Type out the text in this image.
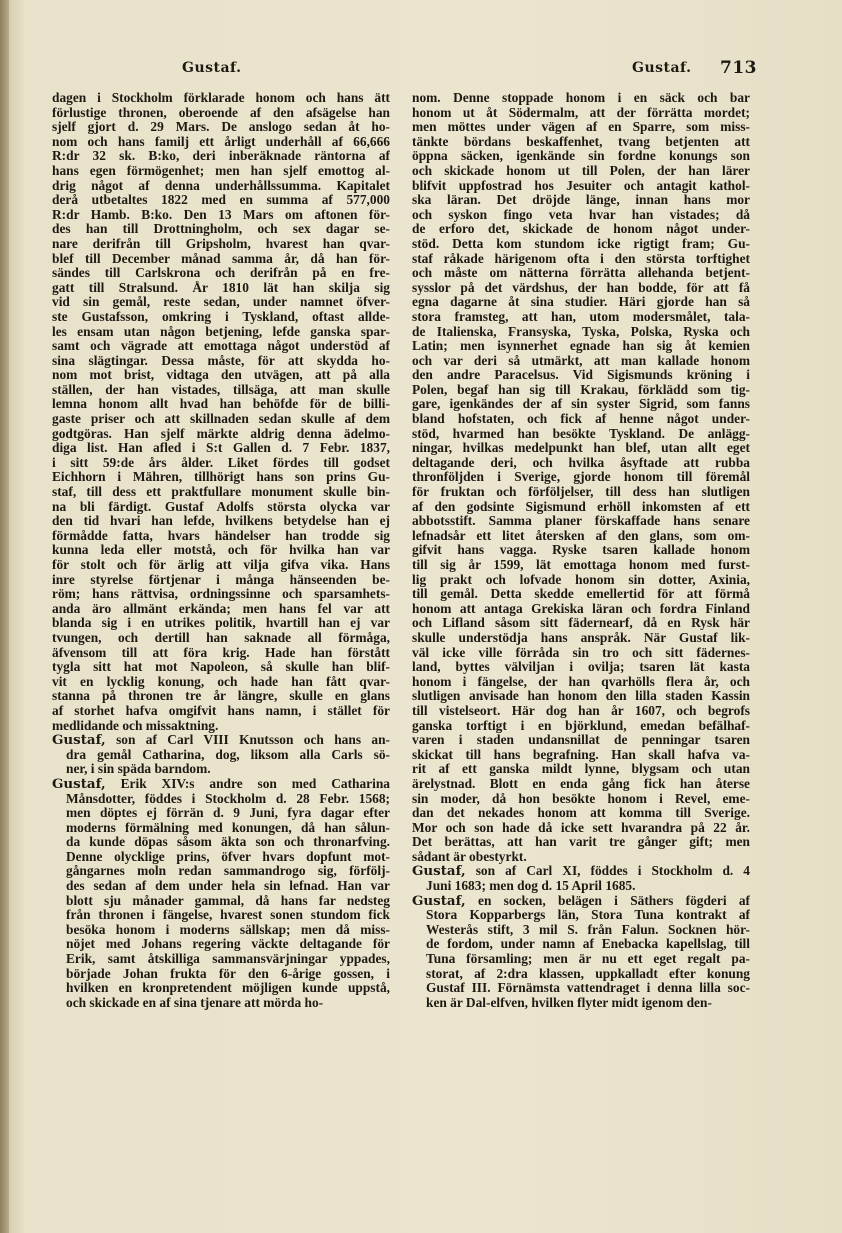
Gustaf.	Gustaf. 713
dagen i Stockholm förklarade honom och hans ätt
förlustige thronen, oberoende af den afsägelse han
sjelf gjort d. 29 Mars. De anslogo sedan åt ho-
nom och hans familj ett årligt underhåll af 66,666
R:dr 32 sk. B:ko, deri inberäknade räntorna af
hans egen förmögenhet; men han sjelf emottog al-
drig något af denna underhållssumma. Kapitalet
derå utbetaltes 1822 med en summa af 577,000
R:dr Hamb. B:ko. Den 13 Mars om aftonen för-
des han till Drottningholm, och sex dagar se-
nare derifrån till Gripsholm, hvarest han qvar-
blef till December månad samma år, då han för-
sändes till Carlskrona och derifrån på en fre-
gatt till Stralsund. År 1810 lät han skilja sig
vid sin gemål, reste sedan, under namnet öfver-
ste Gustafsson, omkring i Tyskland, oftast allde-
les ensam utan någon betjening, lefde ganska spar-
samt och vägrade att emottaga något understöd af
sina slägtingar. Dessa måste, för att skydda ho-
nom mot brist, vidtaga den utvägen, att på alla
ställen, der han vistades, tillsäga, att man skulle
lemna honom allt hvad han behöfde för de billi-
gaste priser och att skillnaden sedan skulle af dem
godtgöras. Han sjelf märkte aldrig denna ädelmo-
diga list. Han afled i S:t Gallen d. 7 Febr. 1837,
i sitt 59:de års ålder. Liket fördes till godset
Eichhorn i Mähren, tillhörigt hans son prins Gu-
staf, till dess ett praktfullare monument skulle bin-
na bli färdigt. Gustaf Adolfs största olycka var
den tid hvari han lefde, hvilkens betydelse han ej
förmådde fatta, hvars händelser han trodde sig
kunna leda eller motstå, och för hvilka han var
för stolt och för ärlig att vilja gifva vika. Hans
inre styrelse förtjenar i många hänseenden be-
röm; hans rättvisa, ordningssinne och sparsamhets-
anda äro allmänt erkända; men hans fel var att
blanda sig i en utrikes politik, hvartill han ej var
tvungen, och dertill han saknade all förmåga,
äfvensom till att föra krig. Hade han förstått
tygla sitt hat mot Napoleon, så skulle han blif-
vit en lycklig konung, och hade han fått qvar-
stanna på thronen tre år längre, skulle en glans
af storhet hafva omgifvit hans namn, i stället för
medlidande och missaktning.
Gustaf, son af Carl VIII Knutsson och hans an-
dra gemål Catharina, dog, liksom alla Carls sö-
ner, i sin späda barndom.
Gustaf, Erik XIV:s andre son med Catharina
Månsdotter, föddes i Stockholm d. 28 Febr. 1568;
men döptes ej förrän d. 9 Juni, fyra dagar efter
moderns förmälning med konungen, då han sålun-
da kunde döpas såsom äkta son och thronarfving.
Denne olycklige prins, öfver hvars dopfunt mot-
gångarnes moln redan sammandrogo sig, förfölj-
des sedan af dem under hela sin lefnad. Han var
blott sju månader gammal, då hans far nedsteg
från thronen i fängelse, hvarest sonen stundom fick
besöka honom i moderns sällskap; men då miss-
nöjet med Johans regering väckte deltagande för
Erik, samt åtskilliga sammansvärjningar yppades,
började Johan frukta för den 6-årige gossen, i
hvilken en kronpretendent möjligen kunde uppstå,
och skickade en af sina tjenare att mörda ho-
nom. Denne stoppade honom i en säck och bar
honom ut åt Södermalm, att der förrätta mordet;
men möttes under vägen af en Sparre, som miss-
tänkte bördans beskaffenhet, tvang betjenten att
öppna säcken, igenkände sin fordne konungs son
och skickade honom ut till Polen, der han lärer
blifvit uppfostrad hos Jesuiter och antagit kathol-
ska läran. Det dröjde länge, innan hans mor
och syskon fingo veta hvar han vistades; då
de erforo det, skickade de honom något under-
stöd. Detta kom stundom icke rigtigt fram; Gu-
staf råkade härigenom ofta i den största torftighet
och måste om nätterna förrätta allehanda betjent-
sysslor på det värdshus, der han bodde, för att få
egna dagarne åt sina studier. Häri gjorde han så
stora framsteg, att han, utom modersmålet, tala-
de Italienska, Fransyska, Tyska, Polska, Ryska och
Latin; men isynnerhet egnade han sig åt kemien
och var deri så utmärkt, att man kallade honom
den andre Paracelsus. Vid Sigismunds kröning i
Polen, begaf han sig till Krakau, förklädd som tig-
gare, igenkändes der af sin syster Sigrid, som fanns
bland hofstaten, och fick af henne något under-
stöd, hvarmed han besökte Tyskland. De anlägg-
ningar, hvilkas medelpunkt han blef, utan allt eget
deltagande deri, och hvilka åsyftade att rubba
thronföljden i Sverige, gjorde honom till föremål
för fruktan och förföljelser, till dess han slutligen
af den godsinte Sigismund erhöll inkomsten af ett
abbotsstift. Samma planer förskaffade hans senare
lefnadsår ett litet återsken af den glans, som om-
gifvit hans vagga. Ryske tsaren kallade honom
till sig år 1599, lät emottaga honom med furst-
lig prakt och lofvade honom sin dotter, Axinia,
till gemål. Detta skedde emellertid för att förmå
honom att antaga Grekiska läran och fordra Finland
och Lifland såsom sitt fädernearf, då en Rysk här
skulle understödja hans anspråk. När Gustaf lik-
väl icke ville förråda sin tro och sitt fädernes-
land, byttes välviljan i ovilja; tsaren lät kasta
honom i fängelse, der han qvarhölls flera år, och
slutligen anvisade han honom den lilla staden Kassin
till vistelseort. Här dog han år 1607, och begrofs
ganska torftigt i en björklund, emedan befälhaf-
varen i staden undansnillat de penningar tsaren
skickat till hans begrafning. Han skall hafva va-
rit af ett ganska mildt lynne, blygsam och utan
ärelystnad. Blott en enda gång fick han återse
sin moder, då hon besökte honom i Revel, eme-
dan det nekades honom att komma till Sverige.
Mor och son hade då icke sett hvarandra på 22 år.
Det berättas, att han varit tre gånger gift; men
sådant är obestyrkt.
Gustaf, son af Carl XI, föddes i Stockholm d. 4
Juni 1683; men dog d. 15 April 1685.
Gustaf, en socken, belägen i Säthers fögderi af
Stora Kopparbergs län, Stora Tuna kontrakt af
Westerås stift, 3 mil S. från Falun. Socknen hör-
de fordom, under namn af Enebacka kapellslag, till
Tuna församling; men är nu ett eget regalt pa-
storat, af 2:dra klassen, uppkalladt efter konung
Gustaf III. Förnämsta vattendraget i denna lilla soc-
ken är Dal-elfven, hvilken flyter midt igenom den-
